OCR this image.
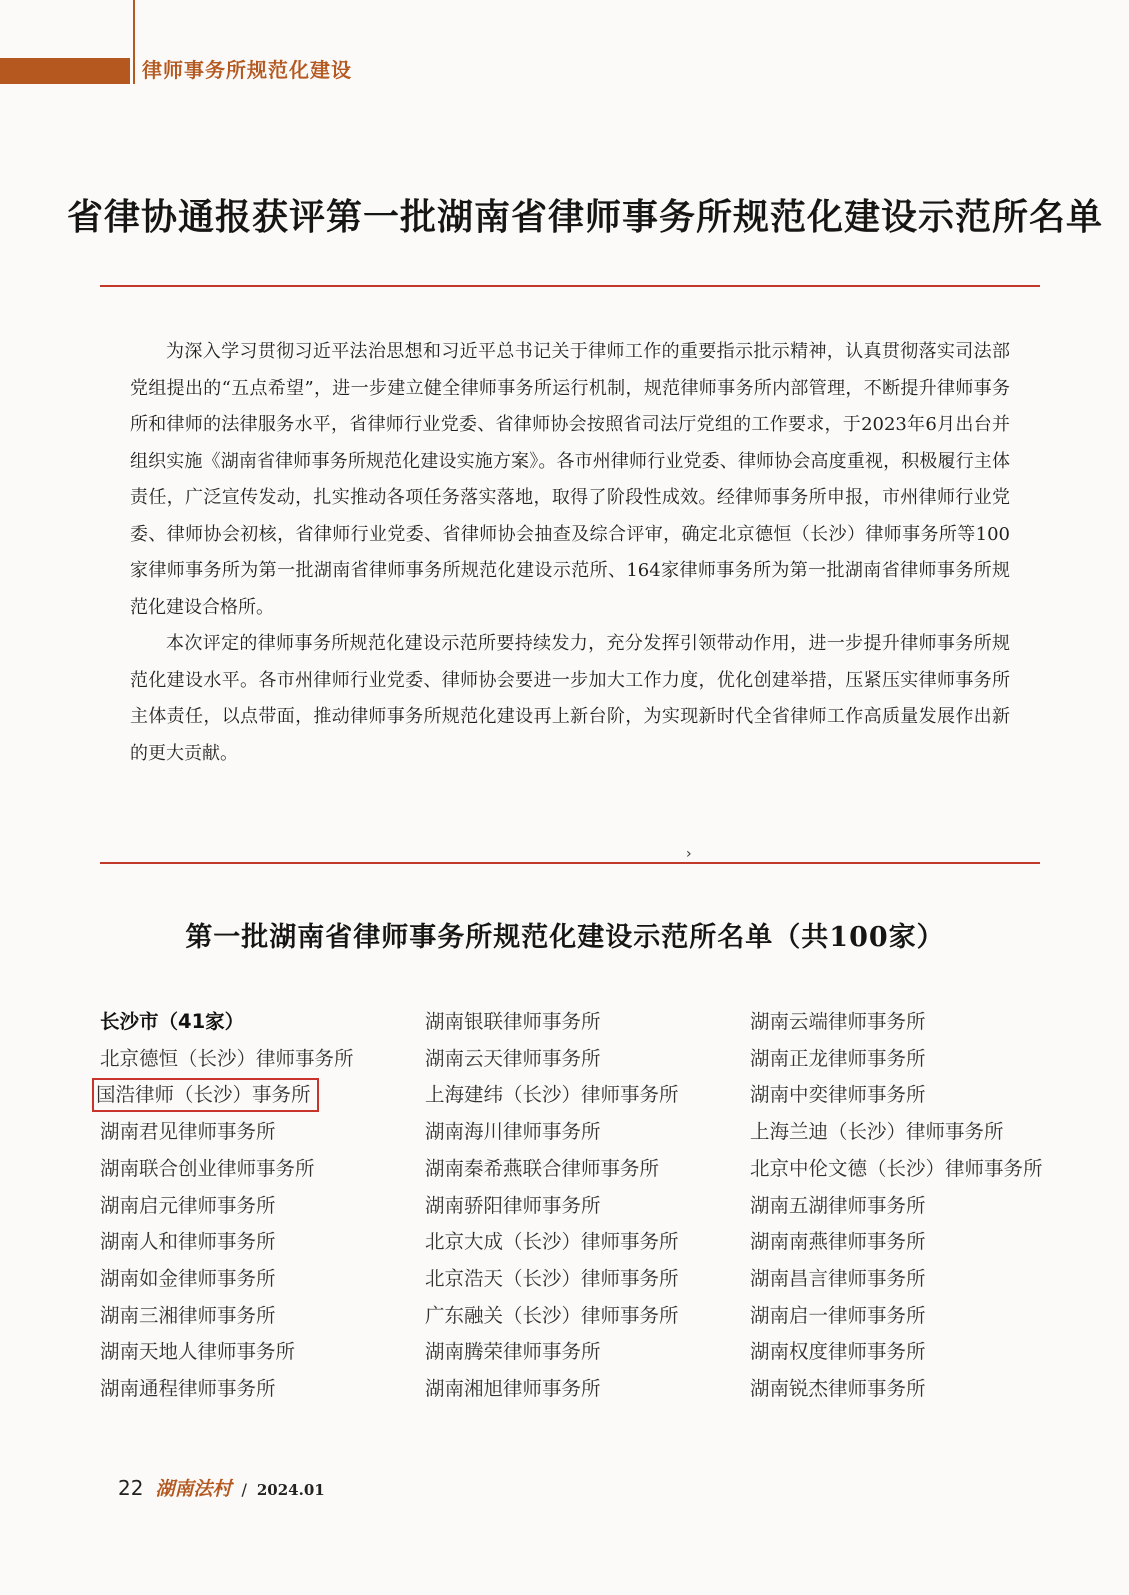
律师事务所规范化建设
省律协通报获评第一批湖南省律师事务所规范化建设示范所名单

为深入学习贯彻习近平法治思想和习近平总书记关于律师工作的重要指示批示精神，认真贯彻落实司法部党组提出的“五点希望”，进一步建立健全律师事务所运行机制，规范律师事务所内部管理，不断提升律师事务所和律师的法律服务水平，省律师行业党委、省律师协会按照省司法厅党组的工作要求，于2023年6月出台并组织实施《湖南省律师事务所规范化建设实施方案》。各市州律师行业党委、律师协会高度重视，积极履行主体责任，广泛宣传发动，扎实推动各项任务落实落地，取得了阶段性成效。经律师事务所申报，市州律师行业党委、律师协会初核，省律师行业党委、省律师协会抽查及综合评审，确定北京德恒（长沙）律师事务所等100家律师事务所为第一批湖南省律师事务所规范化建设示范所、164家律师事务所为第一批湖南省律师事务所规范化建设合格所。

本次评定的律师事务所规范化建设示范所要持续发力，充分发挥引领带动作用，进一步提升律师事务所规范化建设水平。各市州律师行业党委、律师协会要进一步加大工作力度，优化创建举措，压紧压实律师事务所主体责任，以点带面，推动律师事务所规范化建设再上新台阶，为实现新时代全省律师工作高质量发展作出新的更大贡献。

›
第一批湖南省律师事务所规范化建设示范所名单（共100家）
长沙市（41家）
北京德恒（长沙）律师事务所
国浩律师（长沙）事务所
湖南君见律师事务所
湖南联合创业律师事务所
湖南启元律师事务所
湖南人和律师事务所
湖南如金律师事务所
湖南三湘律师事务所
湖南天地人律师事务所
湖南通程律师事务所
湖南银联律师事务所
湖南云天律师事务所
上海建纬（长沙）律师事务所
湖南海川律师事务所
湖南秦希燕联合律师事务所
湖南骄阳律师事务所
北京大成（长沙）律师事务所
北京浩天（长沙）律师事务所
广东融关（长沙）律师事务所
湖南腾荣律师事务所
湖南湘旭律师事务所
湖南云端律师事务所
湖南正龙律师事务所
湖南中奕律师事务所
上海兰迪（长沙）律师事务所
北京中伦文德（长沙）律师事务所
湖南五湖律师事务所
湖南南燕律师事务所
湖南昌言律师事务所
湖南启一律师事务所
湖南权度律师事务所
湖南锐杰律师事务所
22 湖南法村 / 2024.01
